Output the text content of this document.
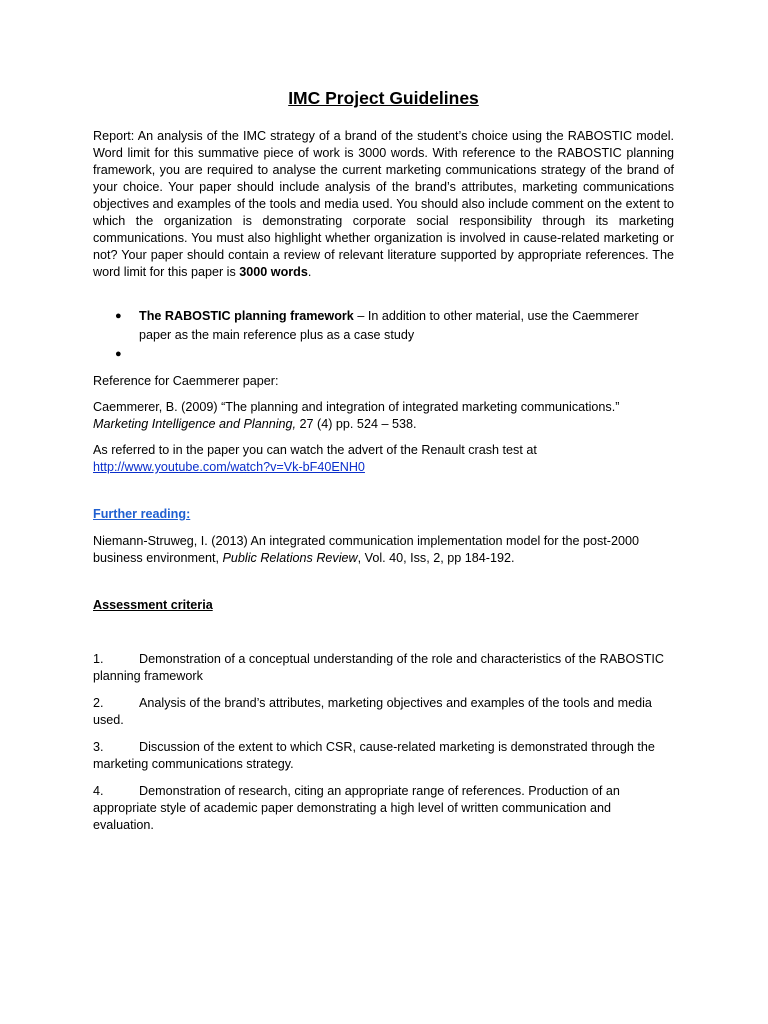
IMC Project Guidelines

Report: An analysis of the IMC strategy of a brand of the student’s choice using the RABOSTIC model. Word limit for this summative piece of work is 3000 words. With reference to the RABOSTIC planning framework, you are required to analyse the current marketing communications strategy of the brand of your choice. Your paper should include analysis of the brand’s attributes, marketing communications objectives and examples of the tools and media used. You should also include comment on the extent to which the organization is demonstrating corporate social responsibility through its marketing communications. You must also highlight whether organization is involved in cause-related marketing or not? Your paper should contain a review of relevant literature supported by appropriate references. The word limit for this paper is 3000 words.

● The RABOSTIC planning framework – In addition to other material, use the Caemmerer paper as the main reference plus as a case study
●

Reference for Caemmerer paper:

Caemmerer, B. (2009) “The planning and integration of integrated marketing communications.”
Marketing Intelligence and Planning, 27 (4) pp. 524 – 538.

As referred to in the paper you can watch the advert of the Renault crash test at
http://www.youtube.com/watch?v=Vk-bF40ENH0

Further reading:

Niemann-Struweg, I. (2013) An integrated communication implementation model for the post-2000 business environment, Public Relations Review, Vol. 40, Iss, 2, pp 184-192.

Assessment criteria

1.	Demonstration of a conceptual understanding of the role and characteristics of the RABOSTIC planning framework

2.	Analysis of the brand’s attributes, marketing objectives and examples of the tools and media used.

3.	Discussion of the extent to which CSR, cause-related marketing is demonstrated through the marketing communications strategy.

4.	Demonstration of research, citing an appropriate range of references. Production of an appropriate style of academic paper demonstrating a high level of written communication and evaluation.
